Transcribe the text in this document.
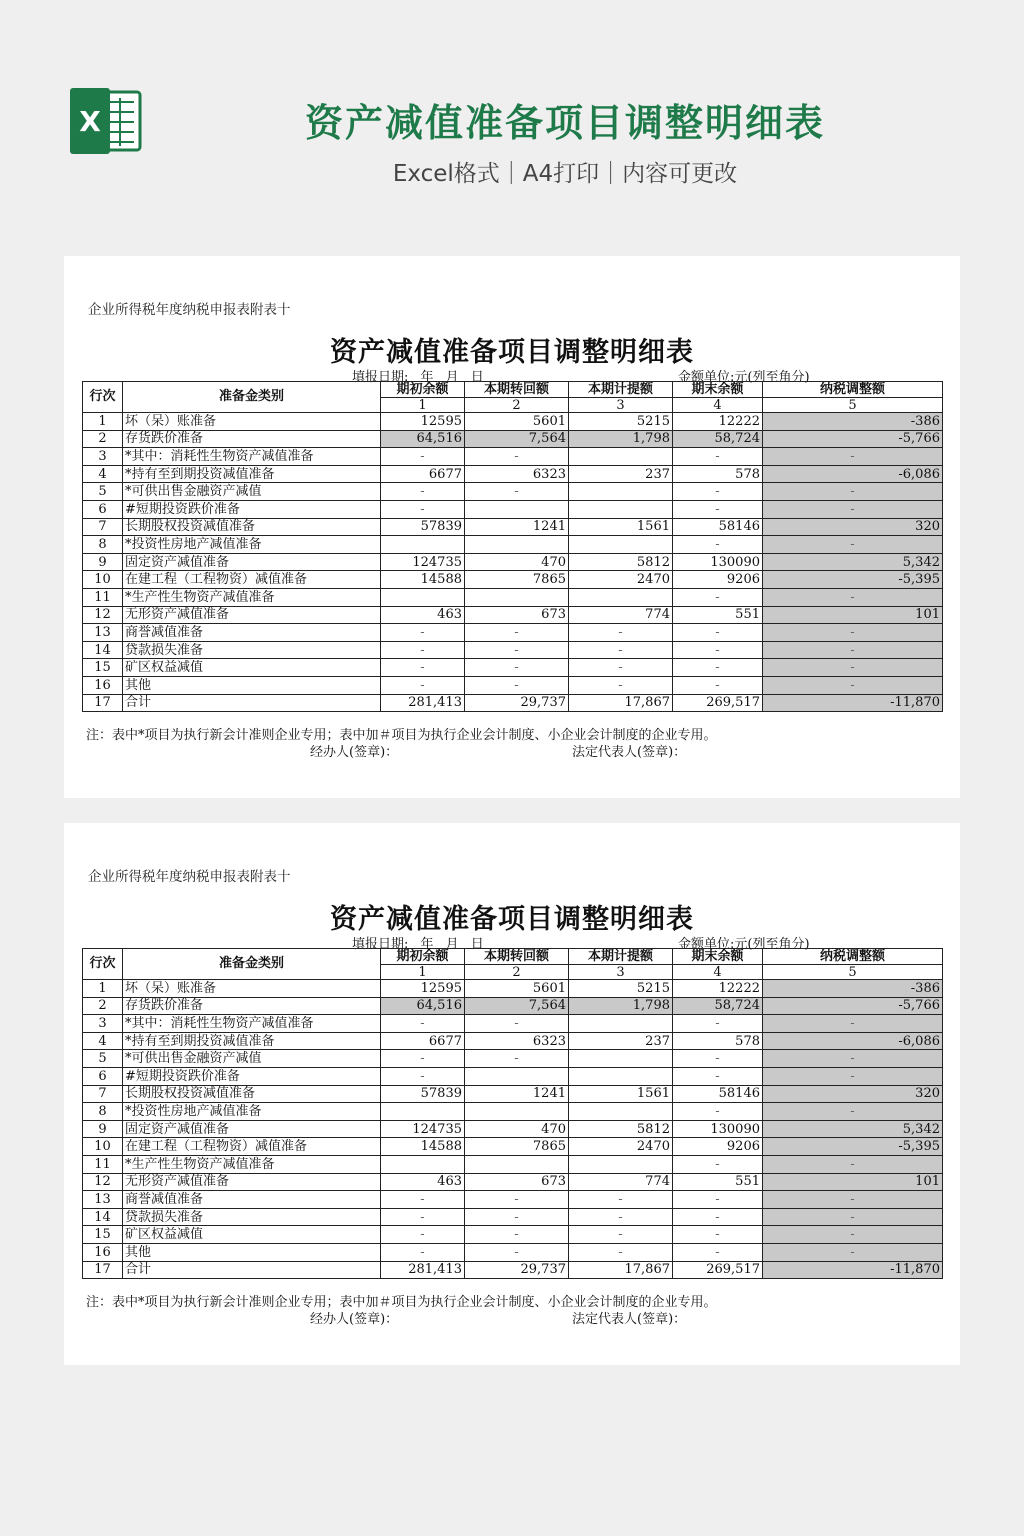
X	资产减值准备项目调整明细表
Excel格式｜A4打印｜内容可更改
企业所得税年度纳税申报表附表十
资产减值准备项目调整明细表
填报日期: 年 月 日	金额单位:元(列至角分)
行次	准备金类别	期初余额	本期转回额	本期计提额	期末余额	纳税调整额
		1	2	3	4	5
1	坏（呆）账准备	12595	5601	5215	12222	-386
2	存货跌价准备	64,516	7,564	1,798	58,724	-5,766
3	*其中：消耗性生物资产减值准备	-	-		-	-
4	*持有至到期投资减值准备	6677	6323	237	578	-6,086
5	*可供出售金融资产减值	-	-		-	-
6	#短期投资跌价准备	-			-	-
7	长期股权投资减值准备	57839	1241	1561	58146	320
8	*投资性房地产减值准备				-	-
9	固定资产减值准备	124735	470	5812	130090	5,342
10	在建工程（工程物资）减值准备	14588	7865	2470	9206	-5,395
11	*生产性生物资产减值准备				-	-
12	无形资产减值准备	463	673	774	551	101
13	商誉减值准备	-	-	-	-	-
14	贷款损失准备	-	-	-	-	-
15	矿区权益减值	-	-	-	-	-
16	其他	-	-	-	-	-
17	合计	281,413	29,737	17,867	269,517	-11,870
注：表中*项目为执行新会计准则企业专用；表中加＃项目为执行企业会计制度、小企业会计制度的企业专用。
经办人(签章)：	法定代表人(签章)：
企业所得税年度纳税申报表附表十
资产减值准备项目调整明细表
填报日期: 年 月 日	金额单位:元(列至角分)
行次	准备金类别	期初余额	本期转回额	本期计提额	期末余额	纳税调整额
		1	2	3	4	5
1	坏（呆）账准备	12595	5601	5215	12222	-386
2	存货跌价准备	64,516	7,564	1,798	58,724	-5,766
3	*其中：消耗性生物资产减值准备	-	-		-	-
4	*持有至到期投资减值准备	6677	6323	237	578	-6,086
5	*可供出售金融资产减值	-	-		-	-
6	#短期投资跌价准备	-			-	-
7	长期股权投资减值准备	57839	1241	1561	58146	320
8	*投资性房地产减值准备				-	-
9	固定资产减值准备	124735	470	5812	130090	5,342
10	在建工程（工程物资）减值准备	14588	7865	2470	9206	-5,395
11	*生产性生物资产减值准备				-	-
12	无形资产减值准备	463	673	774	551	101
13	商誉减值准备	-	-	-	-	-
14	贷款损失准备	-	-	-	-	-
15	矿区权益减值	-	-	-	-	-
16	其他	-	-	-	-	-
17	合计	281,413	29,737	17,867	269,517	-11,870
注：表中*项目为执行新会计准则企业专用；表中加＃项目为执行企业会计制度、小企业会计制度的企业专用。
经办人(签章)：	法定代表人(签章)：
